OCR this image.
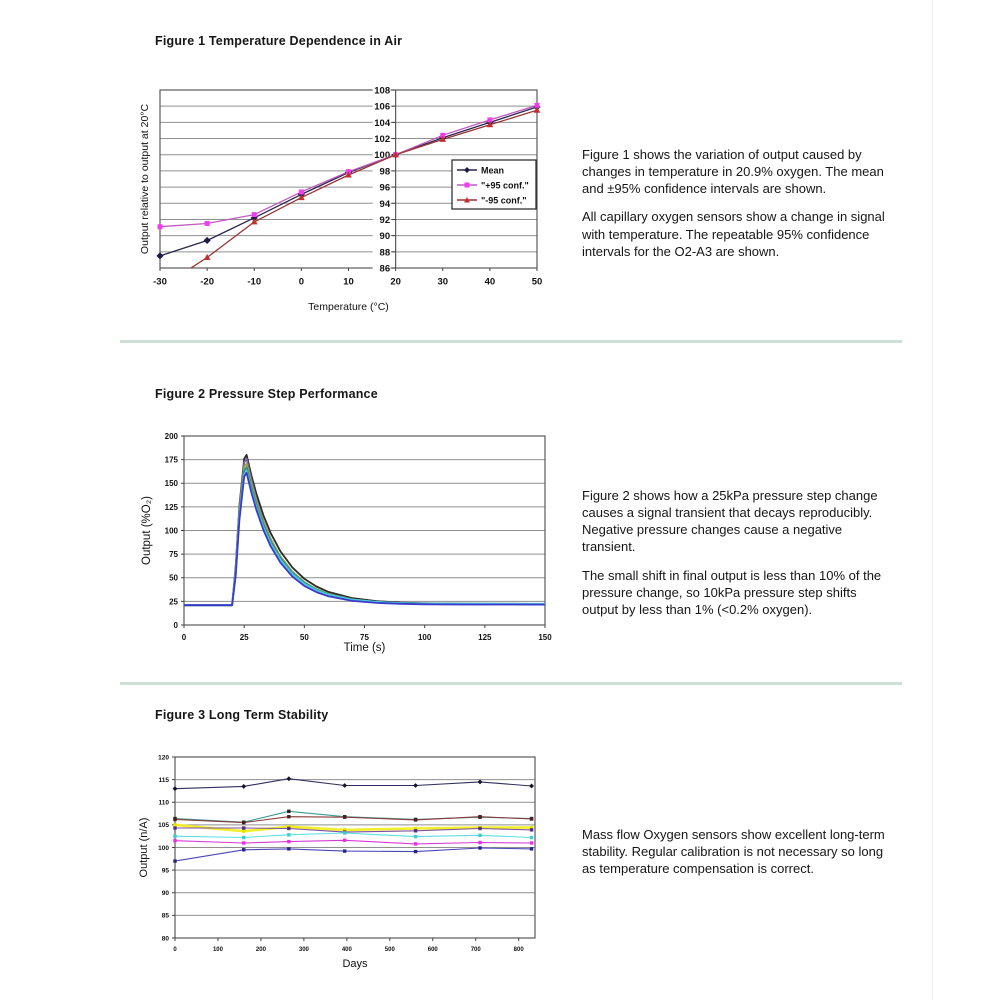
Figure 1 Temperature Dependence in Air
86
88
90
92
94
96
98
100
102
104
106
108
-30	-20	-10	0	10	20	30	40	50
Temperature (°C)
Output relative to output at 20°C	Mean
"+95 conf."
"-95 conf."

Figure 1 shows the variation of output caused by changes in temperature in 20.9% oxygen. The mean and ±95% confidence intervals are shown.

All capillary oxygen sensors show a change in signal with temperature. The repeatable 95% confidence intervals for the O2-A3 are shown.

Figure 2 Pressure Step Performance
0
25
50
75
100
125
150
175
200
0	25	50	75	100	125	150
Time (s)
Output (%O₂)

Figure 2 shows how a 25kPa pressure step change causes a signal transient that decays reproducibly. Negative pressure changes cause a negative transient.

The small shift in final output is less than 10% of the pressure change, so 10kPa pressure step shifts output by less than 1% (<0.2% oxygen).

Figure 3 Long Term Stability
80
85
90
95
100
105
110
115
120
0	100	200	300	400	500	600	700	800
Days
Output (n/A)	Mass flow Oxygen sensors show excellent long-term stability. Regular calibration is not necessary so long as temperature compensation is correct.
